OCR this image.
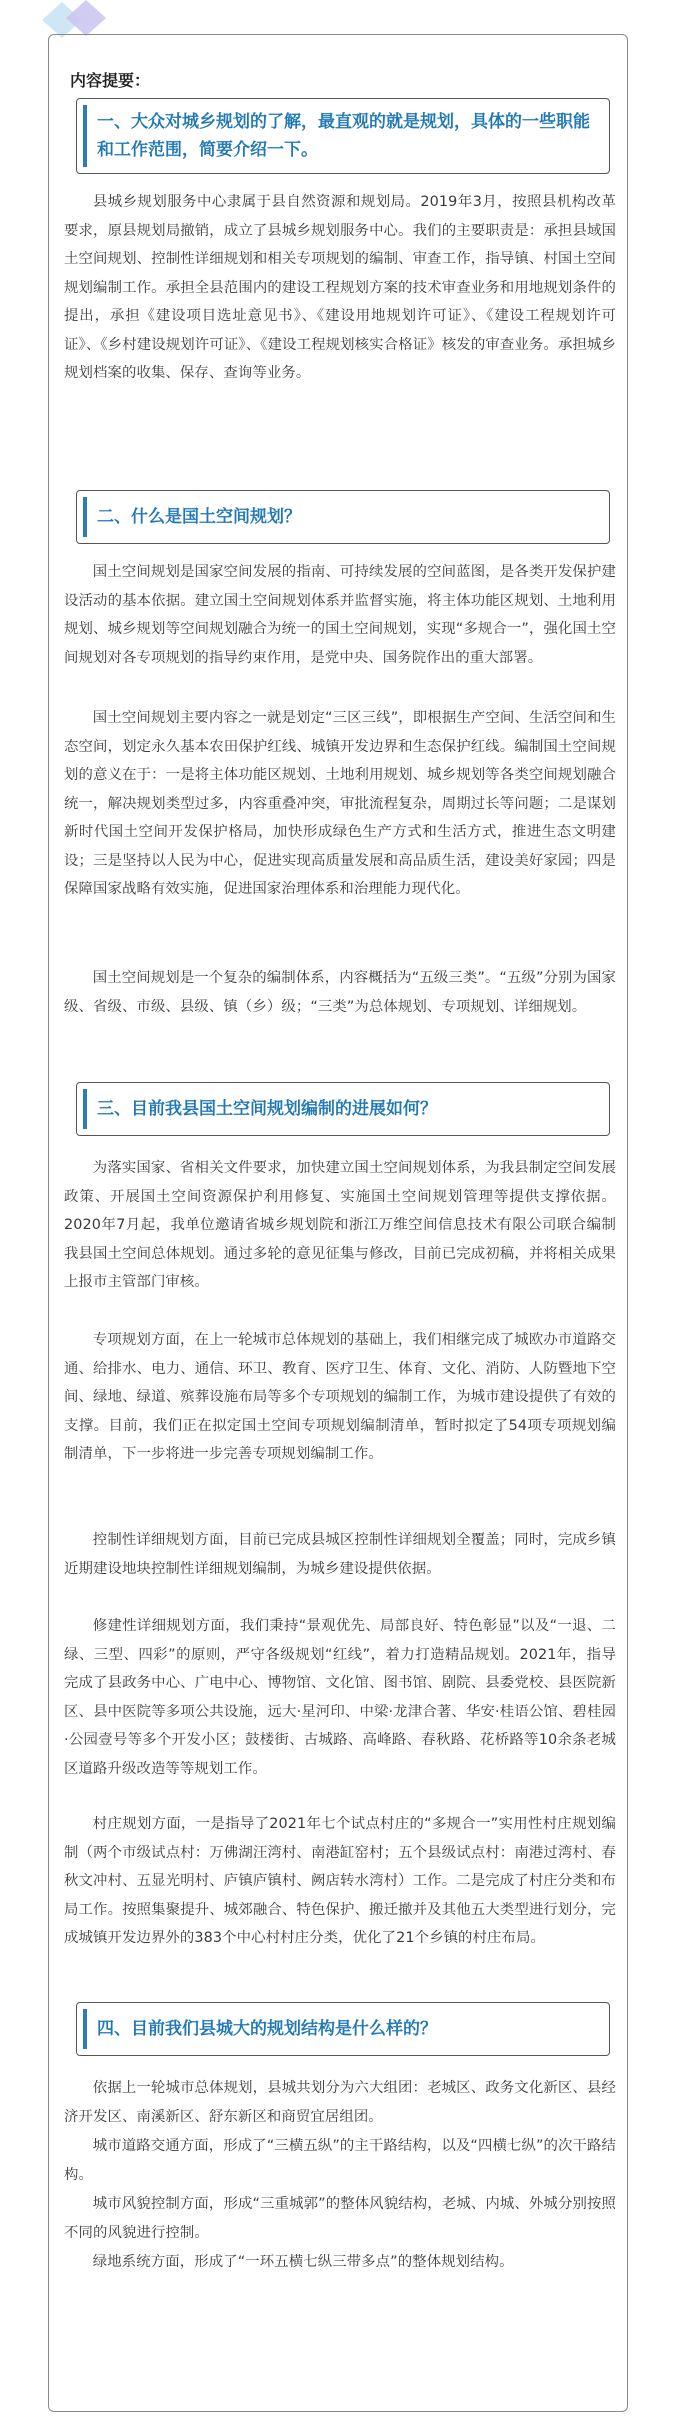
内容提要：
一、大众对城乡规划的了解，最直观的就是规划，具体的一些职能和工作范围，简要介绍一下。

县城乡规划服务中心隶属于县自然资源和规划局。2019年3月，按照县机构改革要求，原县规划局撤销，成立了县城乡规划服务中心。我们的主要职责是：承担县域国土空间规划、控制性详细规划和相关专项规划的编制、审查工作，指导镇、村国土空间规划编制工作。承担全县范围内的建设工程规划方案的技术审查业务和用地规划条件的提出，承担《建设项目选址意见书》、《建设用地规划许可证》、《建设工程规划许可证》、《乡村建设规划许可证》、《建设工程规划核实合格证》核发的审查业务。承担城乡规划档案的收集、保存、查询等业务。

二、什么是国土空间规划？

国土空间规划是国家空间发展的指南、可持续发展的空间蓝图，是各类开发保护建设活动的基本依据。建立国土空间规划体系并监督实施，将主体功能区规划、土地利用规划、城乡规划等空间规划融合为统一的国土空间规划，实现“多规合一”，强化国土空间规划对各专项规划的指导约束作用，是党中央、国务院作出的重大部署。

国土空间规划主要内容之一就是划定“三区三线”，即根据生产空间、生活空间和生态空间，划定永久基本农田保护红线、城镇开发边界和生态保护红线。编制国土空间规划的意义在于：一是将主体功能区规划、土地利用规划、城乡规划等各类空间规划融合统一，解决规划类型过多，内容重叠冲突，审批流程复杂，周期过长等问题；二是谋划新时代国土空间开发保护格局，加快形成绿色生产方式和生活方式，推进生态文明建设；三是坚持以人民为中心，促进实现高质量发展和高品质生活，建设美好家园；四是保障国家战略有效实施，促进国家治理体系和治理能力现代化。

国土空间规划是一个复杂的编制体系，内容概括为“五级三类”。“五级”分别为国家级、省级、市级、县级、镇（乡）级；“三类”为总体规划、专项规划、详细规划。

三、目前我县国土空间规划编制的进展如何？

为落实国家、省相关文件要求，加快建立国土空间规划体系，为我县制定空间发展政策、开展国土空间资源保护利用修复、实施国土空间规划管理等提供支撑依据。2020年7月起，我单位邀请省城乡规划院和浙江万维空间信息技术有限公司联合编制我县国土空间总体规划。通过多轮的意见征集与修改，目前已完成初稿，并将相关成果上报市主管部门审核。

专项规划方面，在上一轮城市总体规划的基础上，我们相继完成了城欧办市道路交通、给排水、电力、通信、环卫、教育、医疗卫生、体育、文化、消防、人防暨地下空间、绿地、绿道、殡葬设施布局等多个专项规划的编制工作，为城市建设提供了有效的支撑。目前，我们正在拟定国土空间专项规划编制清单，暂时拟定了54项专项规划编制清单，下一步将进一步完善专项规划编制工作。

控制性详细规划方面，目前已完成县城区控制性详细规划全覆盖；同时，完成乡镇近期建设地块控制性详细规划编制，为城乡建设提供依据。

修建性详细规划方面，我们秉持“景观优先、局部良好、特色彰显”以及“一退、二绿、三型、四彩”的原则，严守各级规划“红线”，着力打造精品规划。2021年，指导完成了县政务中心、广电中心、博物馆、文化馆、图书馆、剧院、县委党校、县医院新区、县中医院等多项公共设施，远大·星河印、中梁·龙津合著、华安·桂语公馆、碧桂园·公园壹号等多个开发小区；鼓楼街、古城路、高峰路、春秋路、花桥路等10余条老城区道路升级改造等等规划工作。

村庄规划方面，一是指导了2021年七个试点村庄的“多规合一”实用性村庄规划编制（两个市级试点村：万佛湖汪湾村、南港缸窑村；五个县级试点村：南港过湾村、春秋文冲村、五显光明村、庐镇庐镇村、阙店转水湾村）工作。二是完成了村庄分类和布局工作。按照集聚提升、城郊融合、特色保护、搬迁撤并及其他五大类型进行划分，完成城镇开发边界外的383个中心村村庄分类，优化了21个乡镇的村庄布局。

四、目前我们县城大的规划结构是什么样的？

依据上一轮城市总体规划，县城共划分为六大组团：老城区、政务文化新区、县经济开发区、南溪新区、舒东新区和商贸宜居组团。

城市道路交通方面，形成了“三横五纵”的主干路结构，以及“四横七纵”的次干路结构。

城市风貌控制方面，形成“三重城郭”的整体风貌结构，老城、内城、外城分别按照不同的风貌进行控制。

绿地系统方面，形成了“一环五横七纵三带多点”的整体规划结构。
